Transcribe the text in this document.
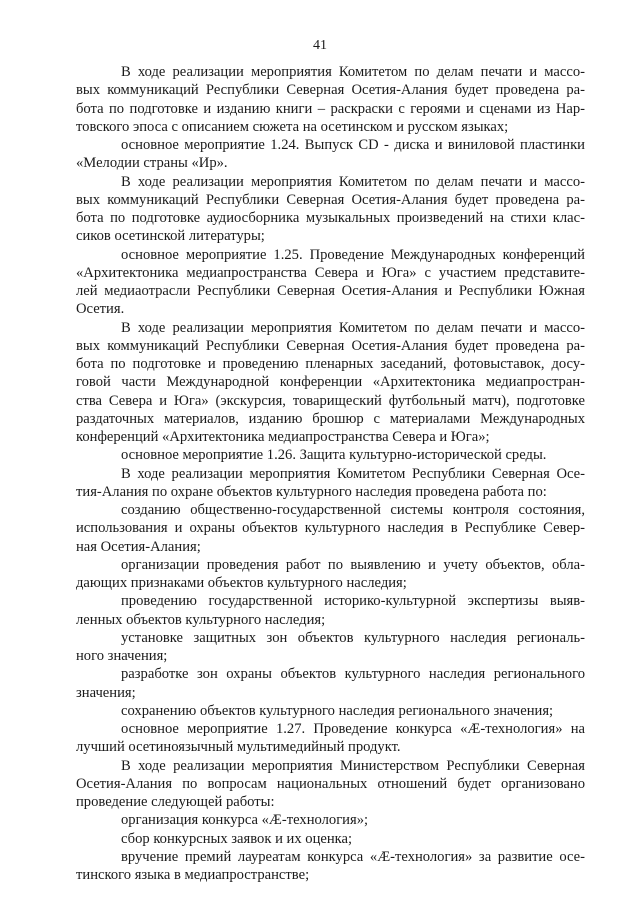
41
В ходе реализации мероприятия Комитетом по делам печати и массо-
вых коммуникаций Республики Северная Осетия-Алания будет проведена ра-
бота по подготовке и изданию книги – раскраски с героями и сценами из Нар-
товского эпоса с описанием сюжета на осетинском и русском языках;
основное мероприятие 1.24. Выпуск CD - диска и виниловой пластинки
«Мелодии страны «Ир».
В ходе реализации мероприятия Комитетом по делам печати и массо-
вых коммуникаций Республики Северная Осетия-Алания будет проведена ра-
бота по подготовке аудиосборника музыкальных произведений на стихи клас-
сиков осетинской литературы;
основное мероприятие 1.25. Проведение Международных конференций
«Архитектоника медиапространства Севера и Юга» с участием представите-
лей медиаотрасли Республики Северная Осетия-Алания и Республики Южная
Осетия.
В ходе реализации мероприятия Комитетом по делам печати и массо-
вых коммуникаций Республики Северная Осетия-Алания будет проведена ра-
бота по подготовке и проведению пленарных заседаний, фотовыставок, досу-
говой части Международной конференции «Архитектоника медиапростран-
ства Севера и Юга» (экскурсия, товарищеский футбольный матч), подготовке
раздаточных материалов, изданию брошюр с материалами Международных
конференций «Архитектоника медиапространства Севера и Юга»;
основное мероприятие 1.26. Защита культурно-исторической среды.
В ходе реализации мероприятия Комитетом Республики Северная Осе-
тия-Алания по охране объектов культурного наследия проведена работа по:
созданию общественно-государственной системы контроля состояния,
использования и охраны объектов культурного наследия в Республике Север-
ная Осетия-Алания;
организации проведения работ по выявлению и учету объектов, обла-
дающих признаками объектов культурного наследия;
проведению государственной историко-культурной экспертизы выяв-
ленных объектов культурного наследия;
установке защитных зон объектов культурного наследия региональ-
ного значения;
разработке зон охраны объектов культурного наследия регионального
значения;
сохранению объектов культурного наследия регионального значения;
основное мероприятие 1.27. Проведение конкурса «Æ-технология» на
лучший осетиноязычный мультимедийный продукт.
В ходе реализации мероприятия Министерством Республики Северная
Осетия-Алания по вопросам национальных отношений будет организовано
проведение следующей работы:
организация конкурса «Æ-технология»;
сбор конкурсных заявок и их оценка;
вручение премий лауреатам конкурса «Æ-технология» за развитие осе-
тинского языка в медиапространстве;
